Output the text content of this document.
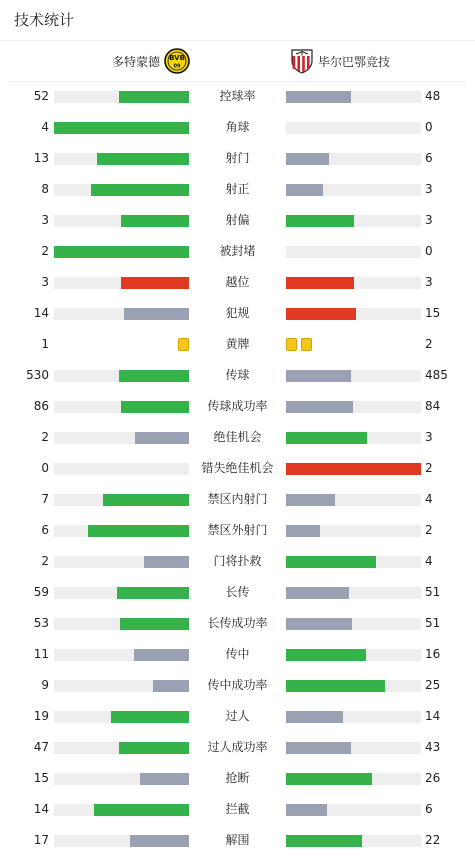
技术统计
多特蒙德 BVB
09	毕尔巴鄂竞技
52	控球率	48
4	角球	0
13	射门	6
8	射正	3
3	射偏	3
2	被封堵	0
3	越位	3
14	犯规	15
1	黄牌	2
530	传球	485
86	传球成功率	84
2	绝佳机会	3
0	错失绝佳机会	2
7	禁区内射门	4
6	禁区外射门	2
2	门将扑救	4
59	长传	51
53	长传成功率	51
11	传中	16
9	传中成功率	25
19	过人	14
47	过人成功率	43
15	抢断	26
14	拦截	6
17	解围	22
